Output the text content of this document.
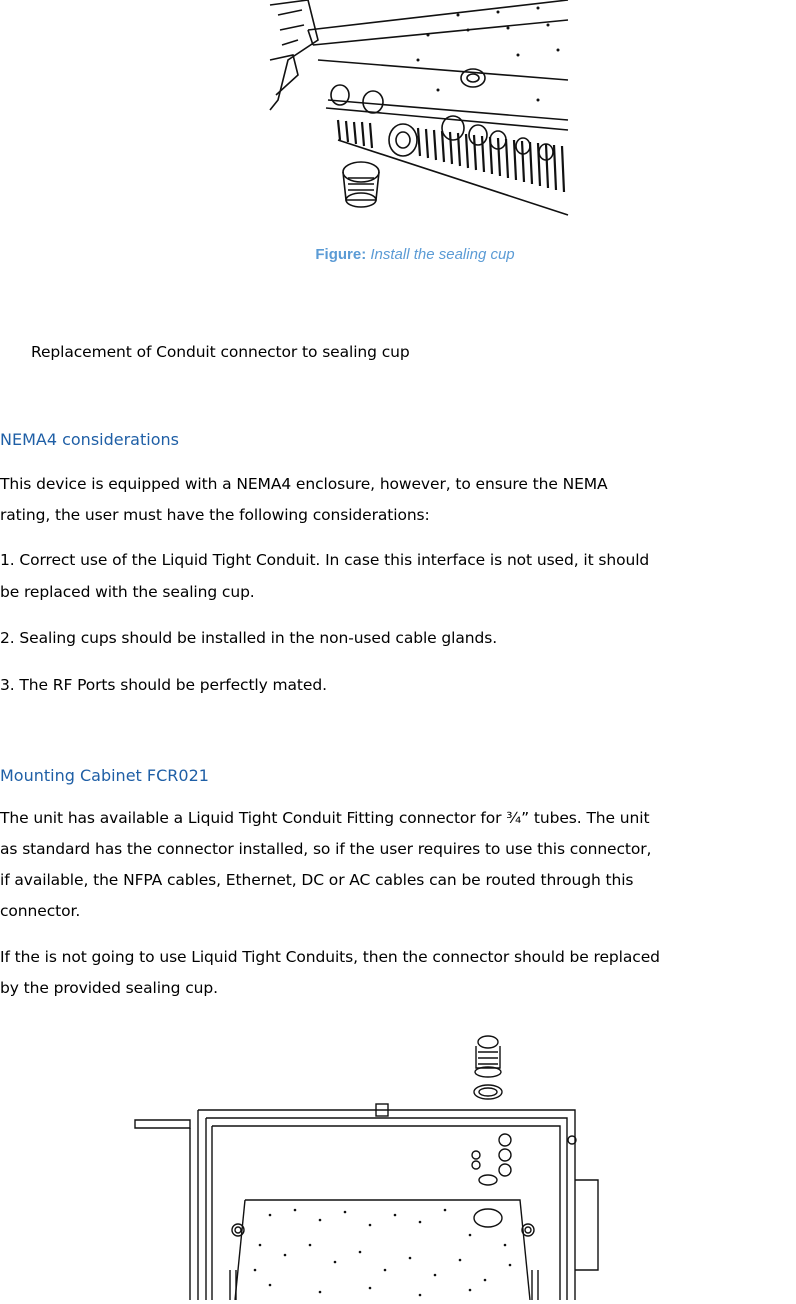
Figure: Install the sealing cup
Replacement of Conduit connector to sealing cup
NEMA4 considerations
This device is equipped with a NEMA4 enclosure, however, to ensure the NEMA
rating, the user must have the following considerations:
1. Correct use of the Liquid Tight Conduit. In case this interface is not used, it should
be replaced with the sealing cup.
2. Sealing cups should be installed in the non-used cable glands.
3. The RF Ports should be perfectly mated.
Mounting Cabinet FCR021
The unit has available a Liquid Tight Conduit Fitting connector for ¾” tubes. The unit
as standard has the connector installed, so if the user requires to use this connector,
if available, the NFPA cables, Ethernet, DC or AC cables can be routed through this
connector.
If the is not going to use Liquid Tight Conduits, then the connector should be replaced
by the provided sealing cup.
